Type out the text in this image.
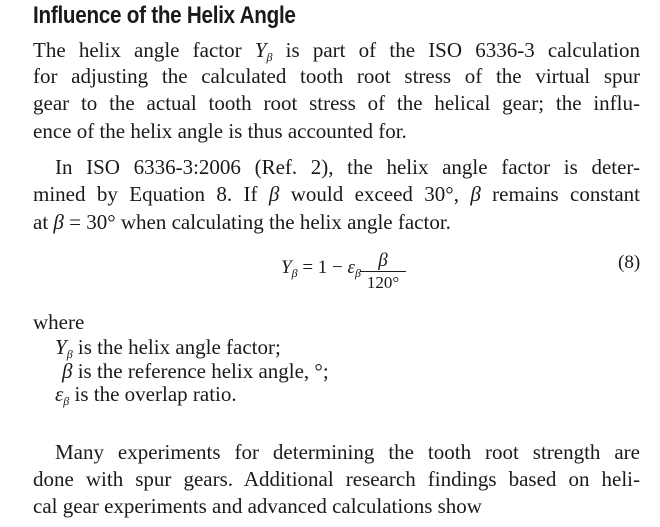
Influence of the Helix Angle
The helix angle factor $Y_\beta$ is part of the ISO 6336-3 calculation
for adjusting the calculated tooth root stress of the virtual spur
gear to the actual tooth root stress of the helical gear; the influ-
ence of the helix angle is thus accounted for.
In ISO 6336-3:2006 (Ref. 2), the helix angle factor is deter-
mined by Equation 8. If β would exceed 30°, β remains constant
at β = 30° when calculating the helix angle factor.
$Y_\beta = 1 - \varepsilon_\beta$
β
120°
(8)
where
$Y_\beta$ is the helix angle factor;
β is the reference helix angle, °;
$\varepsilon_\beta$ is the overlap ratio.
Many experiments for determining the tooth root strength are
done with spur gears. Additional research findings based on heli-
cal gear experiments and advanced calculations show
